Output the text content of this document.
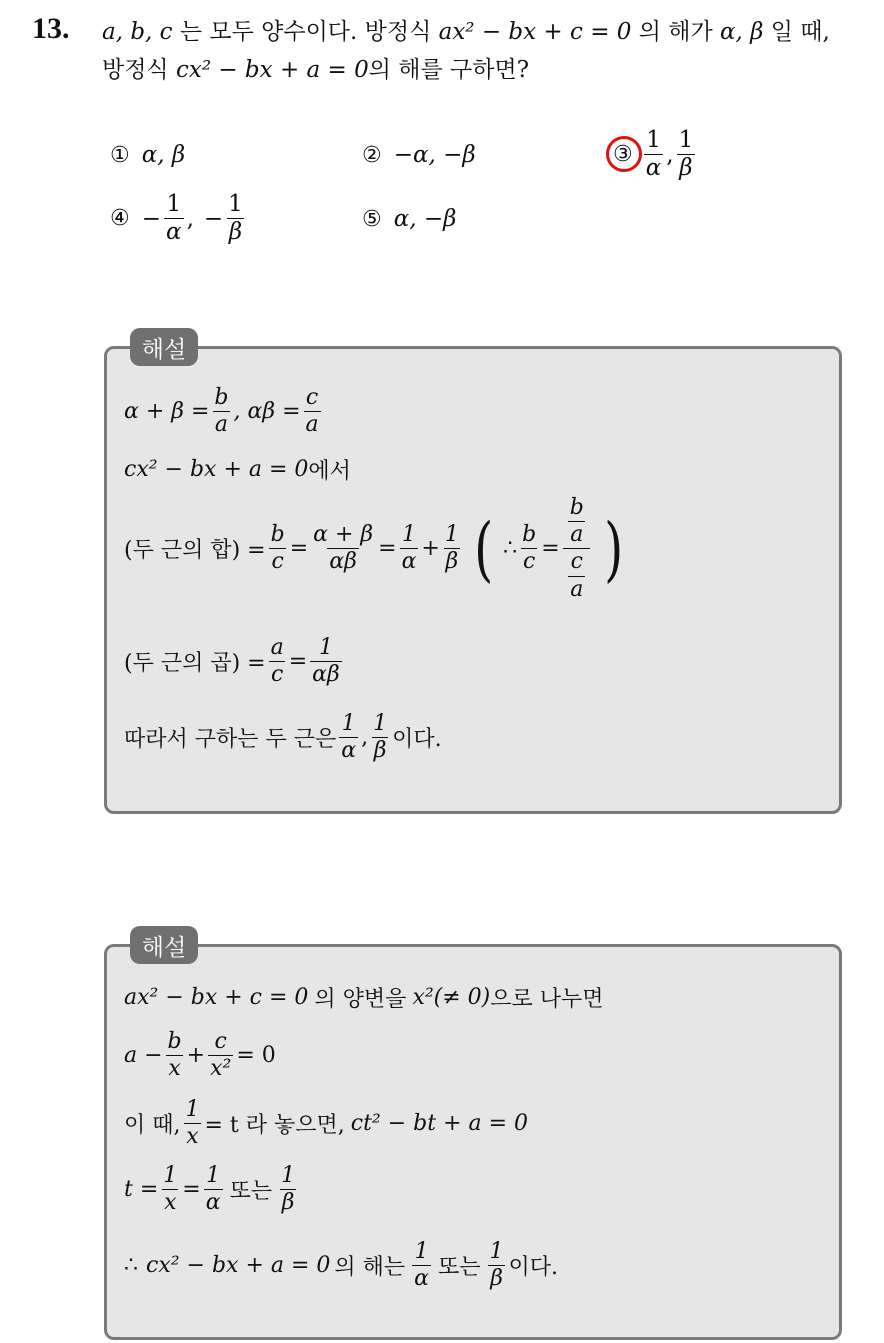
13. a, b, c 는 모두 양수이다. 방정식 ax² − bx + c = 0 의 해가 α, β 일 때,
방정식 cx² − bx + a = 0의 해를 구하면?
① α, β	② −α, −β	③ $\frac{1}{\alpha}$ , $\frac{1}{\beta}$
④ − $\frac{1}{\alpha}$ , − $\frac{1}{\beta}$	⑤ α, −β
해설
$\alpha + \beta = \frac{b}{a}$ , $\alpha\beta = \frac{c}{a}$
cx² − bx + a = 0 에서
(두 근의 합) = $\frac{b}{c} = \frac{\alpha + \beta}{\alpha\beta} = \frac{1}{\alpha} + \frac{1}{\beta}$ ( ∴ $\frac{b}{c} = \frac{\frac{b}{a}}{\frac{c}{a}}$ )
(두 근의 곱) = $\frac{a}{c} = \frac{1}{\alpha\beta}$
따라서 구하는 두 근은 $\frac{1}{\alpha}$ , $\frac{1}{\beta}$ 이다.
해설
ax² − bx + c = 0 의 양변을 x²(≠ 0) 으로 나누면
$a - \frac{b}{x} + \frac{c}{\text{x²}} = 0$
이 때, $\frac{1}{x} = t$ 라 놓으면, ct² − bt + a = 0
$t = \frac{1}{x} = \frac{1}{\alpha}$ 또는 $\frac{1}{\beta}$
∴ cx² − bx + a = 0 의 해는 $\frac{1}{\alpha}$ 또는 $\frac{1}{\beta}$ 이다.
